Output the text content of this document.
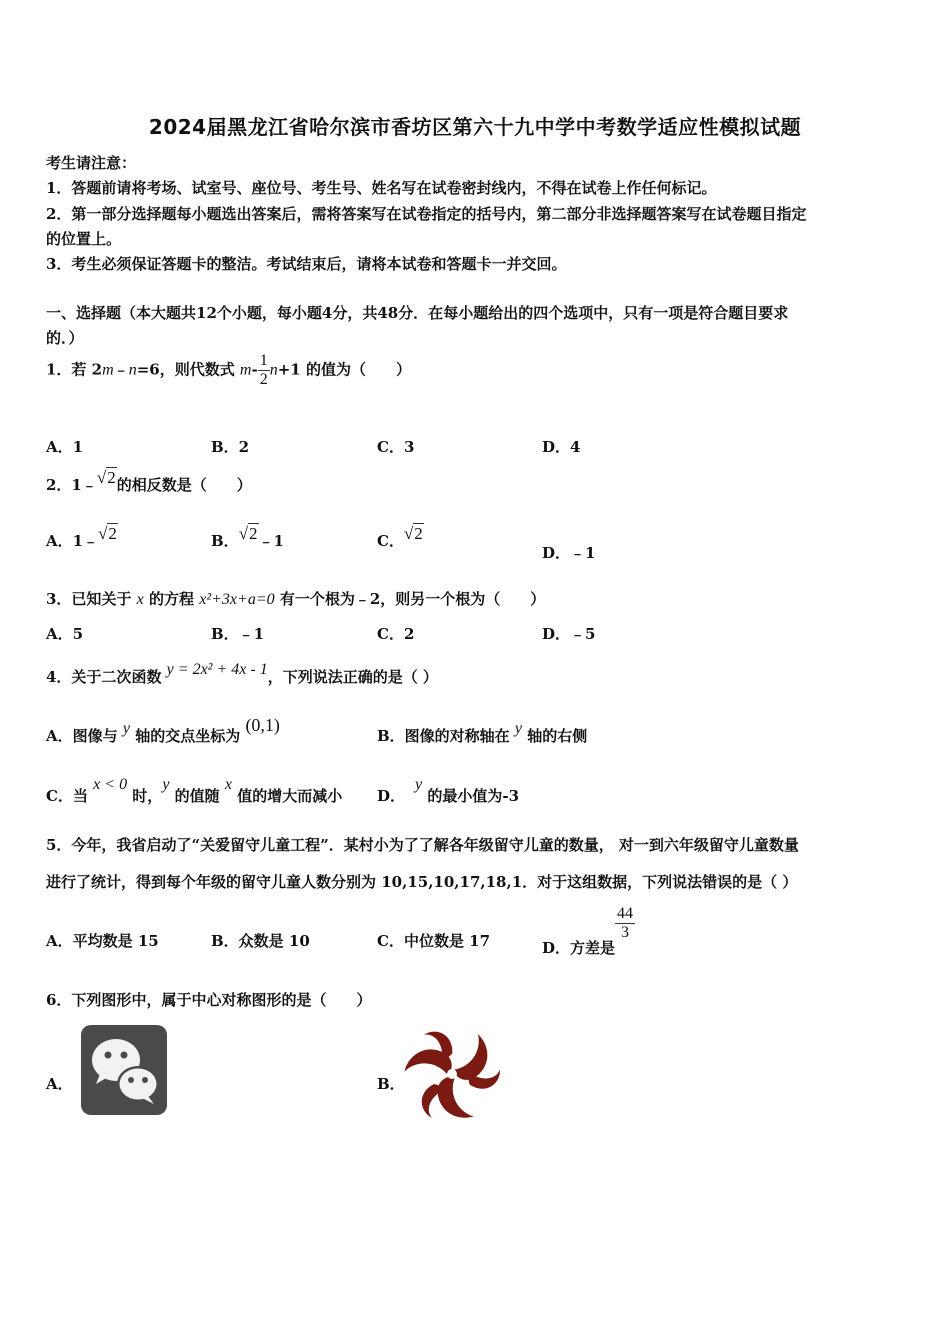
2024届黑龙江省哈尔滨市香坊区第六十九中学中考数学适应性模拟试题
考生请注意：
1．答题前请将考场、试室号、座位号、考生号、姓名写在试卷密封线内，不得在试卷上作任何标记。
2．第一部分选择题每小题选出答案后，需将答案写在试卷指定的括号内，第二部分非选择题答案写在试卷题目指定
的位置上。
3．考生必须保证答题卡的整洁。考试结束后，请将本试卷和答题卡一并交回。
一、选择题（本大题共12个小题，每小题4分，共48分．在每小题给出的四个选项中，只有一项是符合题目要求
的．）
1．若 2m﹣n=6，则代数式 $m- \frac{1}{2} n+1$ 的值为（　　）
A．1	B．2	C．3	D．4
2．1﹣√2的相反数是（　　）
A．1﹣√2	B．√2﹣1	C．√2
D．﹣1
3．已知关于 x 的方程 x²+3x+a=0 有一个根为﹣2，则另一个根为（　　）
A．5	B．﹣1	C．2	D．﹣5
4．关于二次函数 y = 2x² + 4x - 1，下列说法正确的是（ ）
A．图像与 y 轴的交点坐标为 (0,1)
B．图像的对称轴在 y 轴的右侧
C．当 x < 0 时，y 的值随 x 值的增大而减小 D．y 的最小值为-3
5．今年，我省启动了“关爱留守儿童工程”．某村小为了了解各年级留守儿童的数量， 对一到六年级留守儿童数量
进行了统计，得到每个年级的留守儿童人数分别为 10,15,10,17,18,1．对于这组数据，下列说法错误的是（ ）
A．平均数是 15	B．众数是 10	C．中位数是 17	D．方差是
$\frac{44}{3}$
6．下列图形中，属于中心对称图形的是（　　）
A．	B．
